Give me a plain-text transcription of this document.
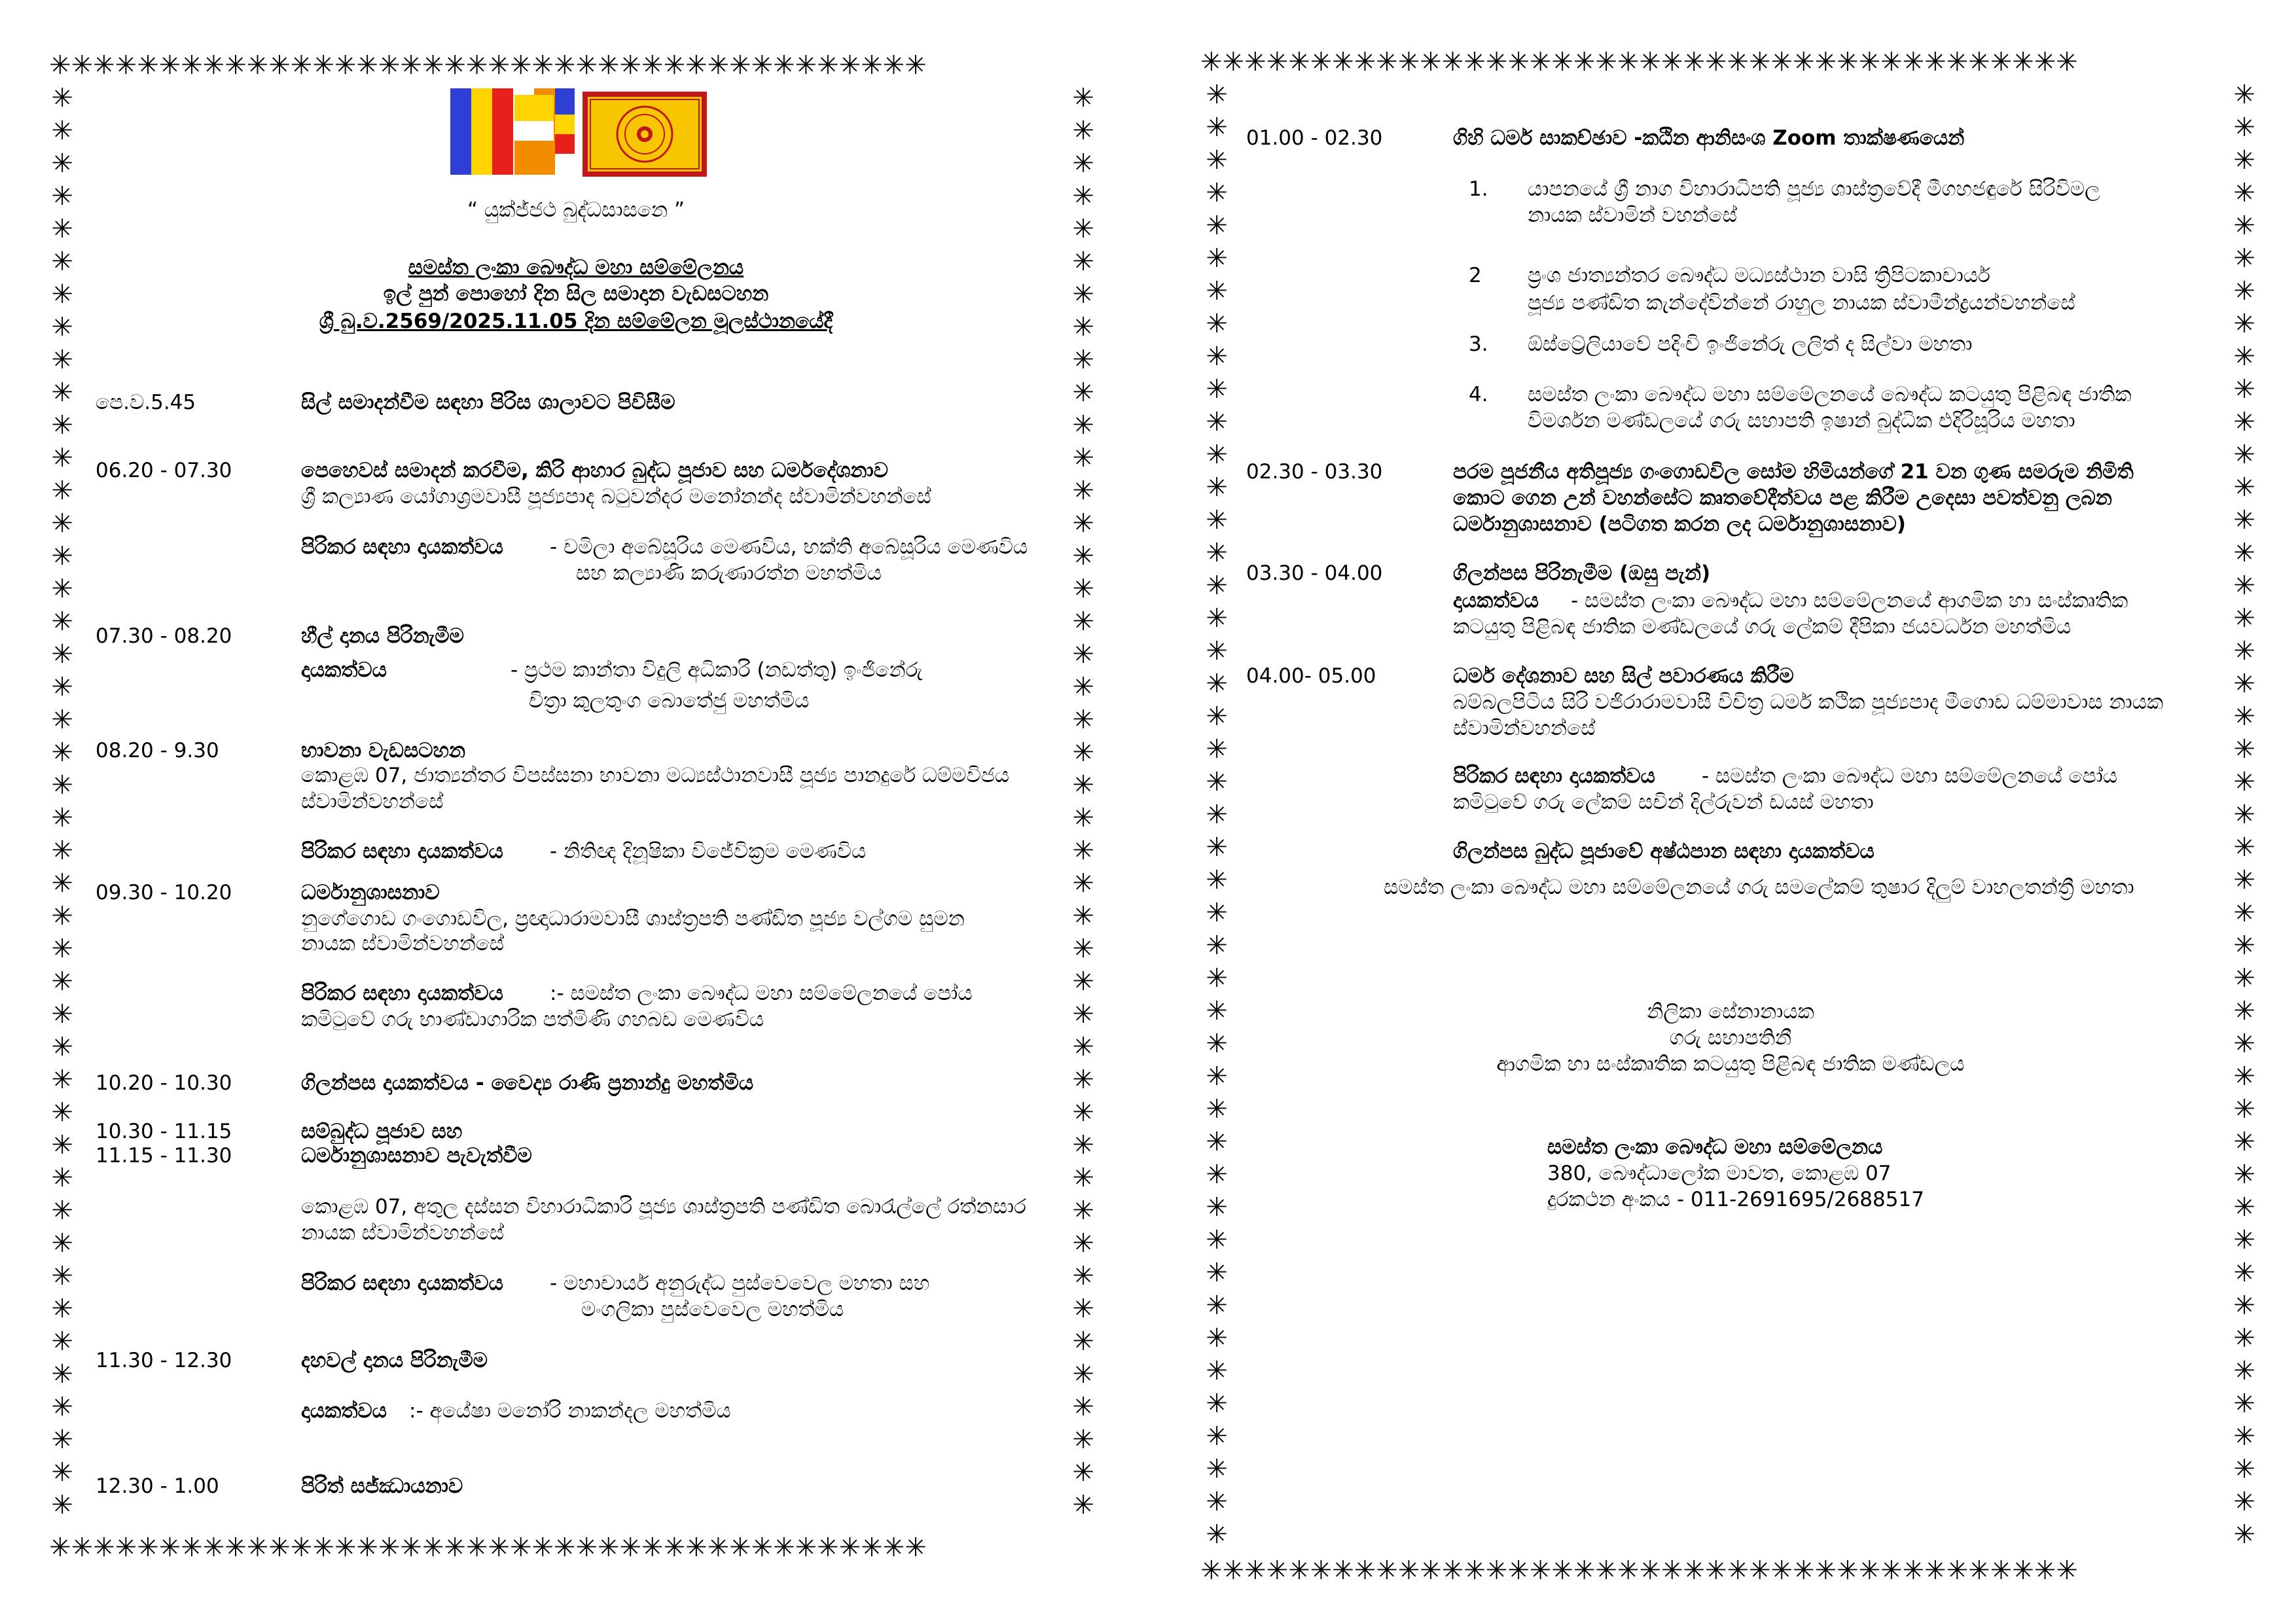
✳✳✳✳✳✳✳✳✳✳✳✳✳✳✳✳✳✳✳✳✳✳✳✳✳✳✳✳✳✳✳✳✳✳✳✳✳✳✳✳
✳✳✳✳✳✳✳✳✳✳✳✳✳✳✳✳✳✳✳✳✳✳✳✳✳✳✳✳✳✳✳✳✳✳✳✳✳✳✳✳
✳✳✳✳✳✳✳✳✳✳✳✳✳✳✳✳✳✳✳✳✳✳✳✳✳✳✳✳✳✳✳✳✳✳✳✳✳✳✳✳✳✳✳✳
✳✳✳✳✳✳✳✳✳✳✳✳✳✳✳✳✳✳✳✳✳✳✳✳✳✳✳✳✳✳✳✳✳✳✳✳✳✳✳✳✳✳✳✳
“ යුක්ජ්ජථ බුද්ධසාසනෙ ”
සමස්ත ලංකා බෞද්ධ මහා සම්මේලනය
ඉල් පුන් පොහෝ දින සිල සමාදාන වැඩසටහන
ශ්‍රී බු.ව.2569/2025.11.05 දින සම්මේලන මූලස්ථානයේදී
පෙ.ව.5.45	සිල් සමාදන්වීම සඳහා පිරිස ශාලාවට පිවිසීම
06.20 - 07.30	පෙහෙවස් සමාදන් කරවීම, කිරි ආහාර බුද්ධ පූජාව සහ ධර්මදේශනාව
ශ්‍රී කල්‍යාණ යෝගාශ්‍රමවාසී පූජ්‍යපාද බටුවන්දර මනෝනන්ද ස්වාමින්වහන්සේ
පිරිකර සඳහා දායකත්වය - චමිලා අබේසූරිය මෙණවිය, භක්ති අබේසූරිය මෙණවිය
සහ කල්‍යාණි කරුණාරත්න මහත්මිය
07.30 - 08.20	හීල් දානය පිරිනැමීම
දායකත්වය	- ප්‍රථම කාන්තා විදුලි අධිකාරි (නඩත්තු) ඉංජිනේරු
චිත්‍රා කුලතුංග බොතේජු මහත්මිය
08.20 - 9.30	භාවනා වැඩසටහන
කොළඹ 07, ජාත්‍යන්තර විපස්සනා භාවනා මධ්‍යස්ථානවාසී පූජ්‍ය පානදුරේ ධම්මවිජය
ස්වාමින්වහන්සේ
පිරිකර සඳහා දායකත්වය - නිතිඥ දිනූෂිකා විජේවික්‍රම මෙණවිය
09.30 - 10.20	ධර්මානුශාසනාව
නුගේගොඩ ගංගොඩවිල, ප්‍රඥාධාරාමවාසී ශාස්ත්‍රපති පණ්ඩිත පූජ්‍ය වල්ගම සුමන
නායක ස්වාමින්වහන්සේ
පිරිකර සඳහා දායකත්වය :- සමස්ත ලංකා බෞද්ධ මහා සම්මේලනයේ පෝය
කමිටුවේ ගරු භාණ්ඩාගාරික පත්මිණි ගහබඩ මෙණවිය
10.20 - 10.30	ගිලන්පස දායකත්වය - වෛද්‍ය රාණි ප්‍රනාන්දු මහත්මිය
10.30 - 11.15	සම්බුද්ධ පූජාව සහ
11.15 - 11.30	ධර්මානුශාසනාව පැවැත්වීම
කොළඹ 07, අතුල දස්සන විහාරාධිකාරි පූජ්‍ය ශාස්ත්‍රපති පණ්ඩිත බොරැල්ලේ රත්නසාර
නායක ස්වාමින්වහන්සේ
පිරිකර සඳහා දායකත්වය - මහාචාර්ය අනුරුද්ධ පුස්වෙවෙල මහතා සහ
මංගලිකා පුස්වෙවෙල මහත්මිය
11.30 - 12.30	දහවල් දානය පිරිනැමීම
දායකත්වය :- අයේෂා මනෝරි නාකන්දල මහත්මිය
12.30 - 1.00	පිරිත් සජ්ඣායනාව
✳✳✳✳✳✳✳✳✳✳✳✳✳✳✳✳✳✳✳✳✳✳✳✳✳✳✳✳✳✳✳✳✳✳✳✳✳✳✳✳
✳✳✳✳✳✳✳✳✳✳✳✳✳✳✳✳✳✳✳✳✳✳✳✳✳✳✳✳✳✳✳✳✳✳✳✳✳✳✳✳
✳✳✳✳✳✳✳✳✳✳✳✳✳✳✳✳✳✳✳✳✳✳✳✳✳✳✳✳✳✳✳✳✳✳✳✳✳✳✳✳✳✳✳✳✳
✳✳✳✳✳✳✳✳✳✳✳✳✳✳✳✳✳✳✳✳✳✳✳✳✳✳✳✳✳✳✳✳✳✳✳✳✳✳✳✳✳✳✳✳✳
01.00 - 02.30	ගිහි ධර්ම සාකච්ඡාව -කඨින ආනිසංශ Zoom තාක්ෂණයෙන්
1. යාපනයේ ශ්‍රී නාග විහාරාධිපති පූජ්‍ය ශාස්ත්‍රවේදී මීගහජඳුරේ සිරිවිමල
නායක ස්වාමින් වහන්සේ
2 ප්‍රංශ ජාත්‍යන්තර බෞද්ධ මධ්‍යස්ථාන වාසි ත්‍රිපිටකාචාර්ය
පූජ්‍ය පණ්ඩිත කැන්දේවින්නේ රාහුල නායක ස්වාමීන්ද්‍රයන්වහන්සේ
3. ඕස්ට්‍රේලියාවේ පදිංචි ඉංජිනේරු ලලිත් ද සිල්වා මහතා
4. සමස්ත ලංකා බෞද්ධ මහා සම්මේලනයේ බෞද්ධ කටයුතු පිළිබඳ ජාතික
විමර්ශන මණ්ඩලයේ ගරු සභාපති ඉෂාන් බුද්ධික එදිරිසූරිය මහතා
02.30 - 03.30	පරම පූජනීය අතිපූජ්‍ය ගංගොඩවිල සෝම හිමියන්ගේ 21 වන ගුණ සමරුම නිමිති
කොට ගෙන උන් වහන්සේට කෘතවේදීත්වය පළ කිරීම උදෙසා පවත්වනු ලබන
ධර්මානුශාසනාව (පටිගත කරන ලද ධර්මානුශාසනාව)
03.30 - 04.00	ගිලන්පස පිරිනැමීම (ඔසු පැන්)
දායකත්වය - සමස්ත ලංකා බෞද්ධ මහා සම්මේලනයේ ආගමික හා සංස්කෘතික
කටයුතු පිළිබඳ ජාතික මණ්ඩලයේ ගරු ලේකම් දීපිකා ජයවර්ධන මහත්මිය
04.00- 05.00	ධර්ම දේශනාව සහ සිල් පවාරණය කිරීම
බම්බලපිටිය සිරි වජිරාරාමවාසී විචිත්‍ර ධර්ම කථික පූජ්‍යපාද මීගොඩ ධම්මාවාස නායක
ස්වාමින්වහන්සේ
පිරිකර සඳහා දායකත්වය - සමස්ත ලංකා බෞද්ධ මහා සම්මේලනයේ පෝය
කමිටුවේ ගරු ලේකම් සචින් දිල්රුවන් ඩයස් මහතා
ගිලන්පස බුද්ධ පූජාවේ අෂ්ඨපාන සඳහා දායකත්වය
සමස්ත ලංකා බෞද්ධ මහා සම්මේලනයේ ගරු සමලේකම් තුෂාර දිලුම් වාහලතන්ත්‍රී මහතා
නිලිකා සේනානායක
ගරු සභාපතිනී
ආගමික හා සංස්කෘතික කටයුතු පිළිබඳ ජාතික මණ්ඩලය
සමස්ත ලංකා බෞද්ධ මහා සම්මේලනය
380, බෞද්ධාලෝක මාවත, කොළඹ 07
දුරකථන අංකය - 011-2691695/2688517
